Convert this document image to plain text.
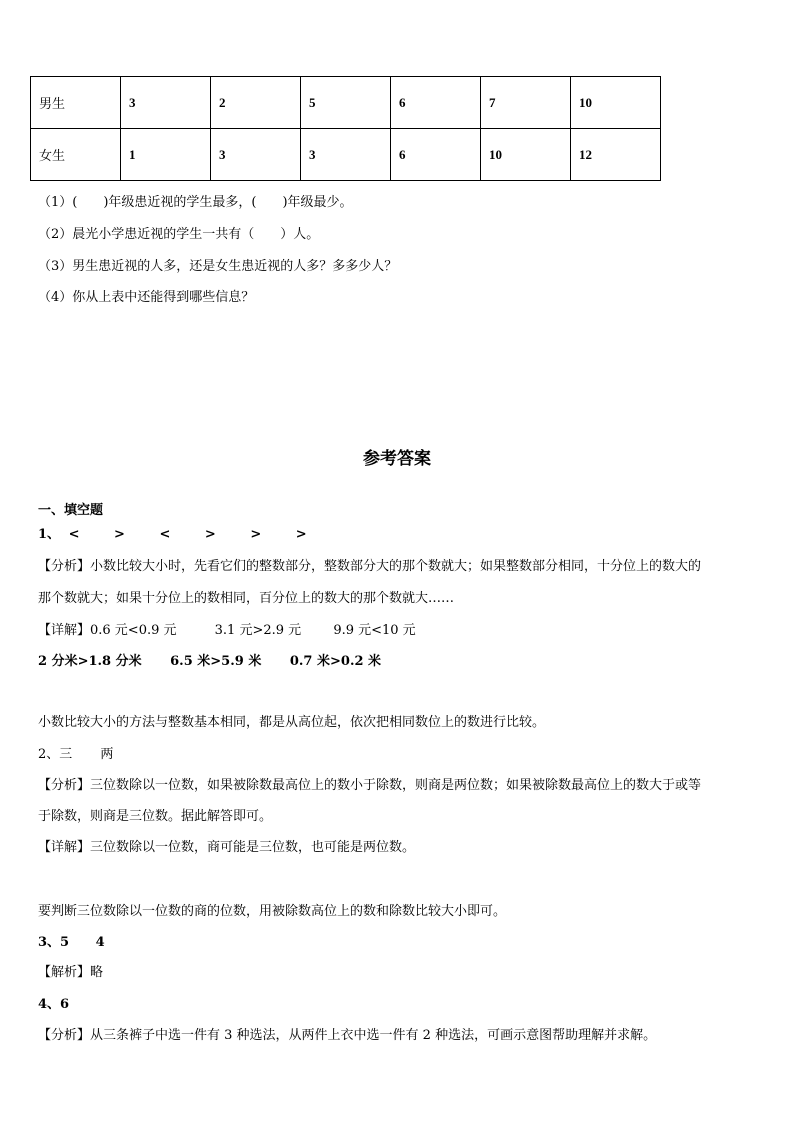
男生	3	2	5	6	7	10
女生	1	3	3	6	10	12
（1）(　　)年级患近视的学生最多，(　　)年级最少。
（2）晨光小学患近视的学生一共有（　　）人。
（3）男生患近视的人多，还是女生患近视的人多？多多少人？
（4）你从上表中还能得到哪些信息？
参考答案
一、填空题
1、 <	>	<	>	>	>
【分析】小数比较大小时，先看它们的整数部分，整数部分大的那个数就大；如果整数部分相同，十分位上的数大的
那个数就大；如果十分位上的数相同，百分位上的数大的那个数就大……
【详解】0.6 元<0.9 元	3.1 元>2.9 元 9.9 元<10 元
2 分米>1.8 分米 6.5 米>5.9 米 0.7 米>0.2 米
小数比较大小的方法与整数基本相同，都是从高位起，依次把相同数位上的数进行比较。
2、三 两
【分析】三位数除以一位数，如果被除数最高位上的数小于除数，则商是两位数；如果被除数最高位上的数大于或等
于除数，则商是三位数。据此解答即可。
【详解】三位数除以一位数，商可能是三位数，也可能是两位数。
要判断三位数除以一位数的商的位数，用被除数高位上的数和除数比较大小即可。
3、5 4
【解析】略
4、6
【分析】从三条裤子中选一件有 3 种选法，从两件上衣中选一件有 2 种选法，可画示意图帮助理解并求解。
